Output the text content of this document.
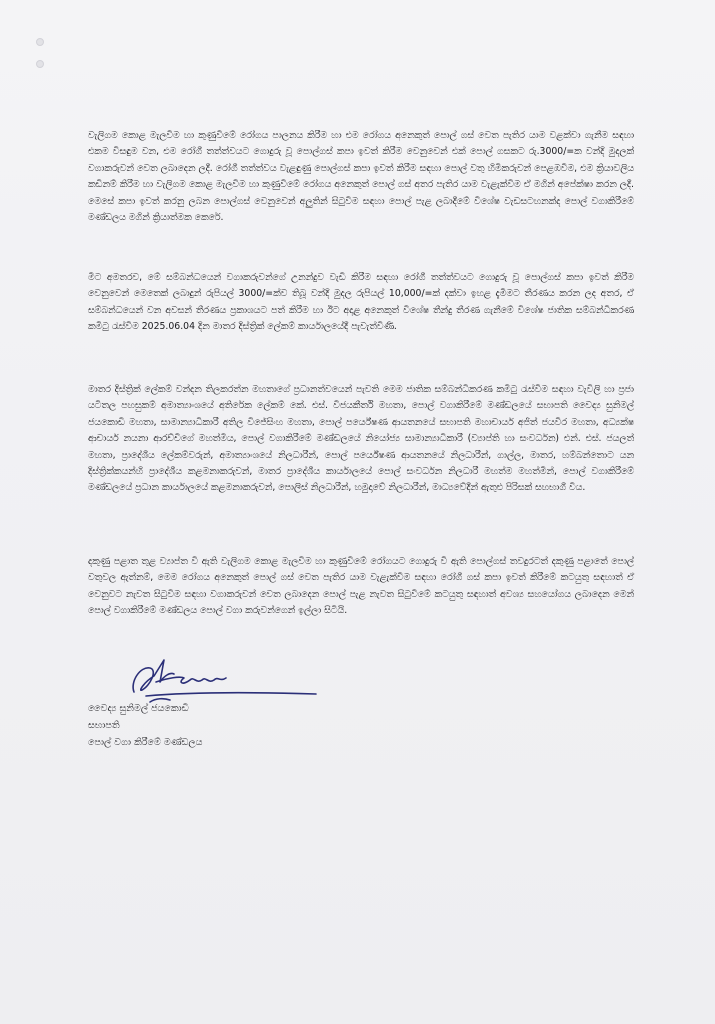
වැලිගම කොළ මැලවීම හා කුණුවීමේ රෝගය පාලනය කිරීම හා එම රෝගය අනෙකුත් පොල් ගස් වෙත පැතිර යාම වළක්වා ගැනීම සඳහා එකම විසඳුම වන, එම රෝගී තත්ත්වයට ගොදුරු වූ පොල්ගස් කපා ඉවත් කිරීම වෙනුවෙන් එක් පොල් ගසකට රු.3000/=ක වන්දි මුදලක් වගාකරුවන් වෙත ලබාදෙන ලදී. රෝගී තත්ත්වය වැළඳුණු පොල්ගස් කපා ඉවත් කිරීම සඳහා පොල් වතු හිමිකරුවන් පෙළඹවීම, එම ක්‍රියාවලිය කඩිනම් කිරීම හා වැලිගම කොළ මැලවීම හා කුණුවීමේ රෝගය අනෙකුත් පොල් ගස් අතර පැතිර යාම වැළැක්වීම ඒ මගින් අපේක්ෂා කරන ලදී. මෙසේ කපා ඉවත් කරනු ලබන පොල්ගස් වෙනුවෙන් අලුතින් සිටුවීම සඳහා පොල් පැළ ලබාදීමේ විශේෂ වැඩසටහනක්ද පොල් වගාකිරීමේ මණ්ඩලය මගින් ක්‍රියාත්මක කෙරේ.

මීට අමතරව, මේ සම්බන්ධයෙන් වගාකරුවන්ගේ උනන්දුව වැඩි කිරීම සඳහා රෝගී තත්ත්වයට ගොදුරු වූ පොල්ගස් කපා ඉවත් කිරීම වෙනුවෙන් මෙතෙක් ලබාදුන් රුපියල් 3000/=ක්ව තිබූ වන්දි මුදල රුපියල් 10,000/=ක් දක්වා ඉහළ දැමීමට තීරණය කරන ලද අතර, ඒ සම්බන්ධයෙන් වන අවසන් තීරණය ප්‍රකාශයට පත් කිරීම හා ඊට අදාළ අනෙකුත් විශේෂ තීන්දු තීරණ ගැනීමේ විශේෂ ජාතික සම්බන්ධීකරණ කමිටු රැස්වීම 2025.06.04 දින මාතර දිස්ත්‍රික් ලේකම් කාර්යාලයේදී පැවැත්විණි.

මාතර දිස්ත්‍රික් ලේකම් වන්දන තිලකරත්න මහතාගේ ප්‍රධානත්වයෙන් පැවති මෙම ජාතික සම්බන්ධීකරණ කමිටු රැස්වීම සඳහා වැවිලි හා ප්‍රජා යටිතල පහසුකම් අමාත්‍යාංශයේ අතිරේක ලේකම් කේ. එස්. විජයකීර්ති මහතා, පොල් වගාකිරීමේ මණ්ඩලයේ සභාපති වෛද්‍ය සුනිමල් ජයකොඩි මහතා, සාමාන්‍යාධිකාරී අතිල විජේසිංහ මහතා, පොල් පර්යේෂණ ආයතනයේ සභාපති මහාචාර්ය අජිත් ජයවීර මහතා, අධ්‍යක්ෂ ආචාර්ය නයනා ආරච්චිගේ මහත්මිය, පොල් වගාකිරීමේ මණ්ඩලයේ නියෝජ්‍ය සාමාන්‍යාධිකාරී (ව්‍යාප්ති හා සංවර්ධන) එන්. එස්. ජයලත් මහතා, ප්‍රාදේශීය ලේකම්වරුන්, අමාත්‍යාංශයේ නිලධාරීන්, පොල් පර්යේෂණ ආයතනයේ නිලධාරීන්, ගාල්ල, මාතර, හම්බන්තොට යන දිස්ත්‍රික්කයන්හි ප්‍රාදේශීය කළමනාකරුවන්, මාතර ප්‍රාදේශීය කාර්යාලයේ පොල් සංවර්ධන නිලධාරී මහත්ම මහත්මීන්, පොල් වගාකිරීමේ මණ්ඩලයේ ප්‍රධාන කාර්යාලයේ කළමනාකරුවන්, පොලිස් නිලධාරීන්, හමුදාවේ නිලධාරීන්, මාධ්‍යවේදීන් ඇතුළු පිරිසක් සහභාගී විය.

දකුණු පළාත තුළ ව්‍යාප්ත වී ඇති වැලිගම කොළ මැලවීම හා කුණුවීමේ රෝගයට ගොදුරු වී ඇති පොල්ගස් තවදුරටත් දකුණු පළාතේ පොල් වතුවල ඇත්නම්, මෙම රෝගය අනෙකුත් පොල් ගස් වෙත පැතිර යාම වැළැක්වීම සඳහා රෝගී ගස් කපා ඉවත් කිරීමේ කටයුතු සඳහාත් ඒ වෙනුවට නැවත සිටුවීම සඳහා වගාකරුවන් වෙත ලබාදෙන පොල් පැළ නැවත සිටුවීමේ කටයුතු සඳහාත් අවශ්‍ය සහයෝගය ලබාදෙන මෙන් පොල් වගාකිරීමේ මණ්ඩලය පොල් වගා කරුවන්ගෙන් ඉල්ලා සිටියි.

වෛද්‍ය සුනිමල් ජයකොඩි
සභාපති
පොල් වගා කිරීමේ මණ්ඩලය
